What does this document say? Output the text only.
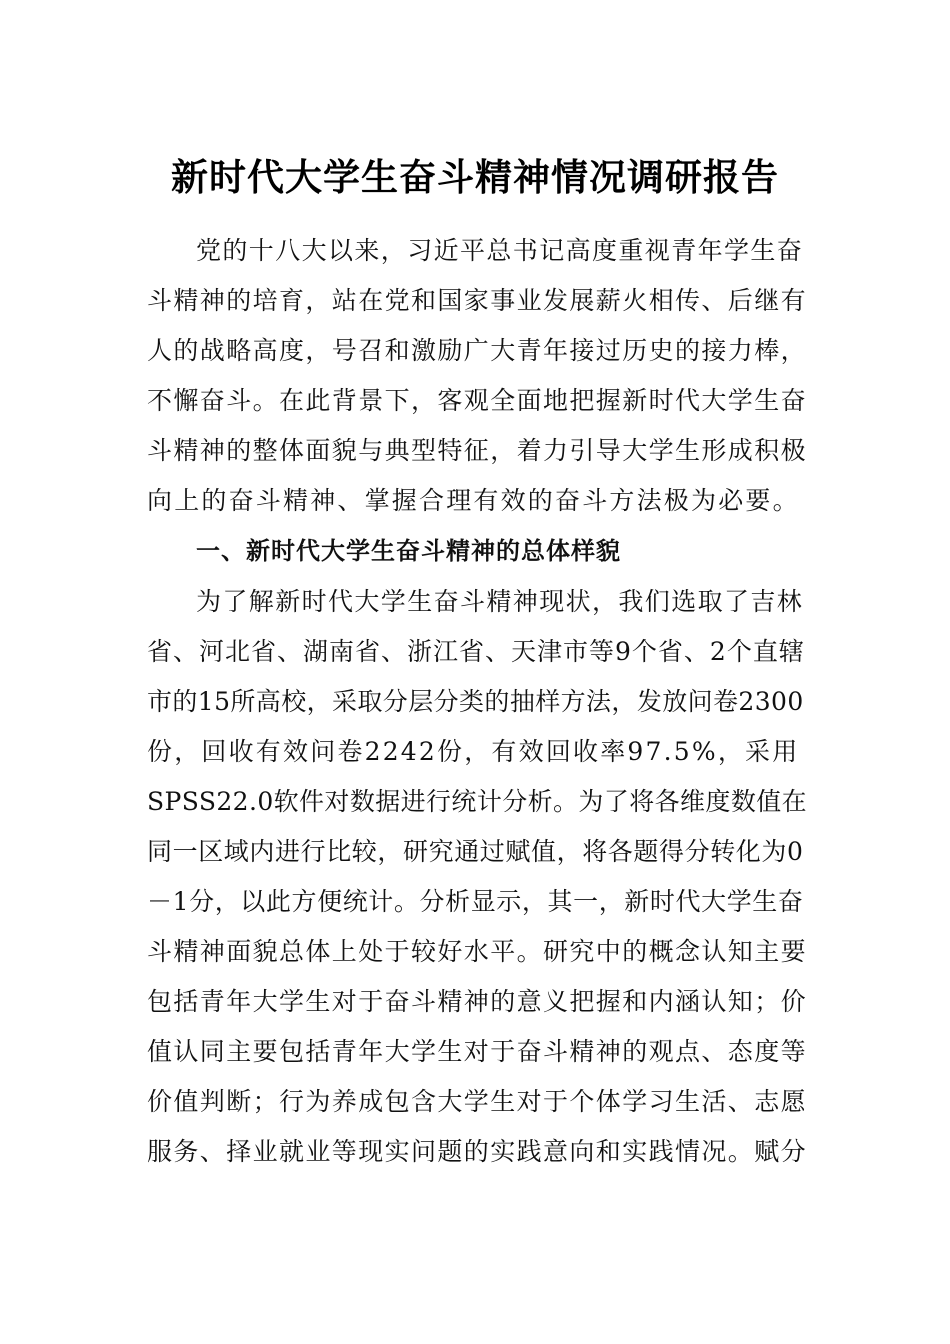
新时代大学生奋斗精神情况调研报告
党的十八大以来，习近平总书记高度重视青年学生奋
斗精神的培育，站在党和国家事业发展薪火相传、后继有
人的战略高度，号召和激励广大青年接过历史的接力棒，
不懈奋斗。在此背景下，客观全面地把握新时代大学生奋
斗精神的整体面貌与典型特征，着力引导大学生形成积极
向上的奋斗精神、掌握合理有效的奋斗方法极为必要。
一、新时代大学生奋斗精神的总体样貌
为了解新时代大学生奋斗精神现状，我们选取了吉林
省、河北省、湖南省、浙江省、天津市等9个省、2个直辖
市的15所高校，采取分层分类的抽样方法，发放问卷2300
份，回收有效问卷2242份，有效回收率97.5%，采用
SPSS22.0软件对数据进行统计分析。为了将各维度数值在
同一区域内进行比较，研究通过赋值，将各题得分转化为0
－1分，以此方便统计。分析显示，其一，新时代大学生奋
斗精神面貌总体上处于较好水平。研究中的概念认知主要
包括青年大学生对于奋斗精神的意义把握和内涵认知；价
值认同主要包括青年大学生对于奋斗精神的观点、态度等
价值判断；行为养成包含大学生对于个体学习生活、志愿
服务、择业就业等现实问题的实践意向和实践情况。赋分
